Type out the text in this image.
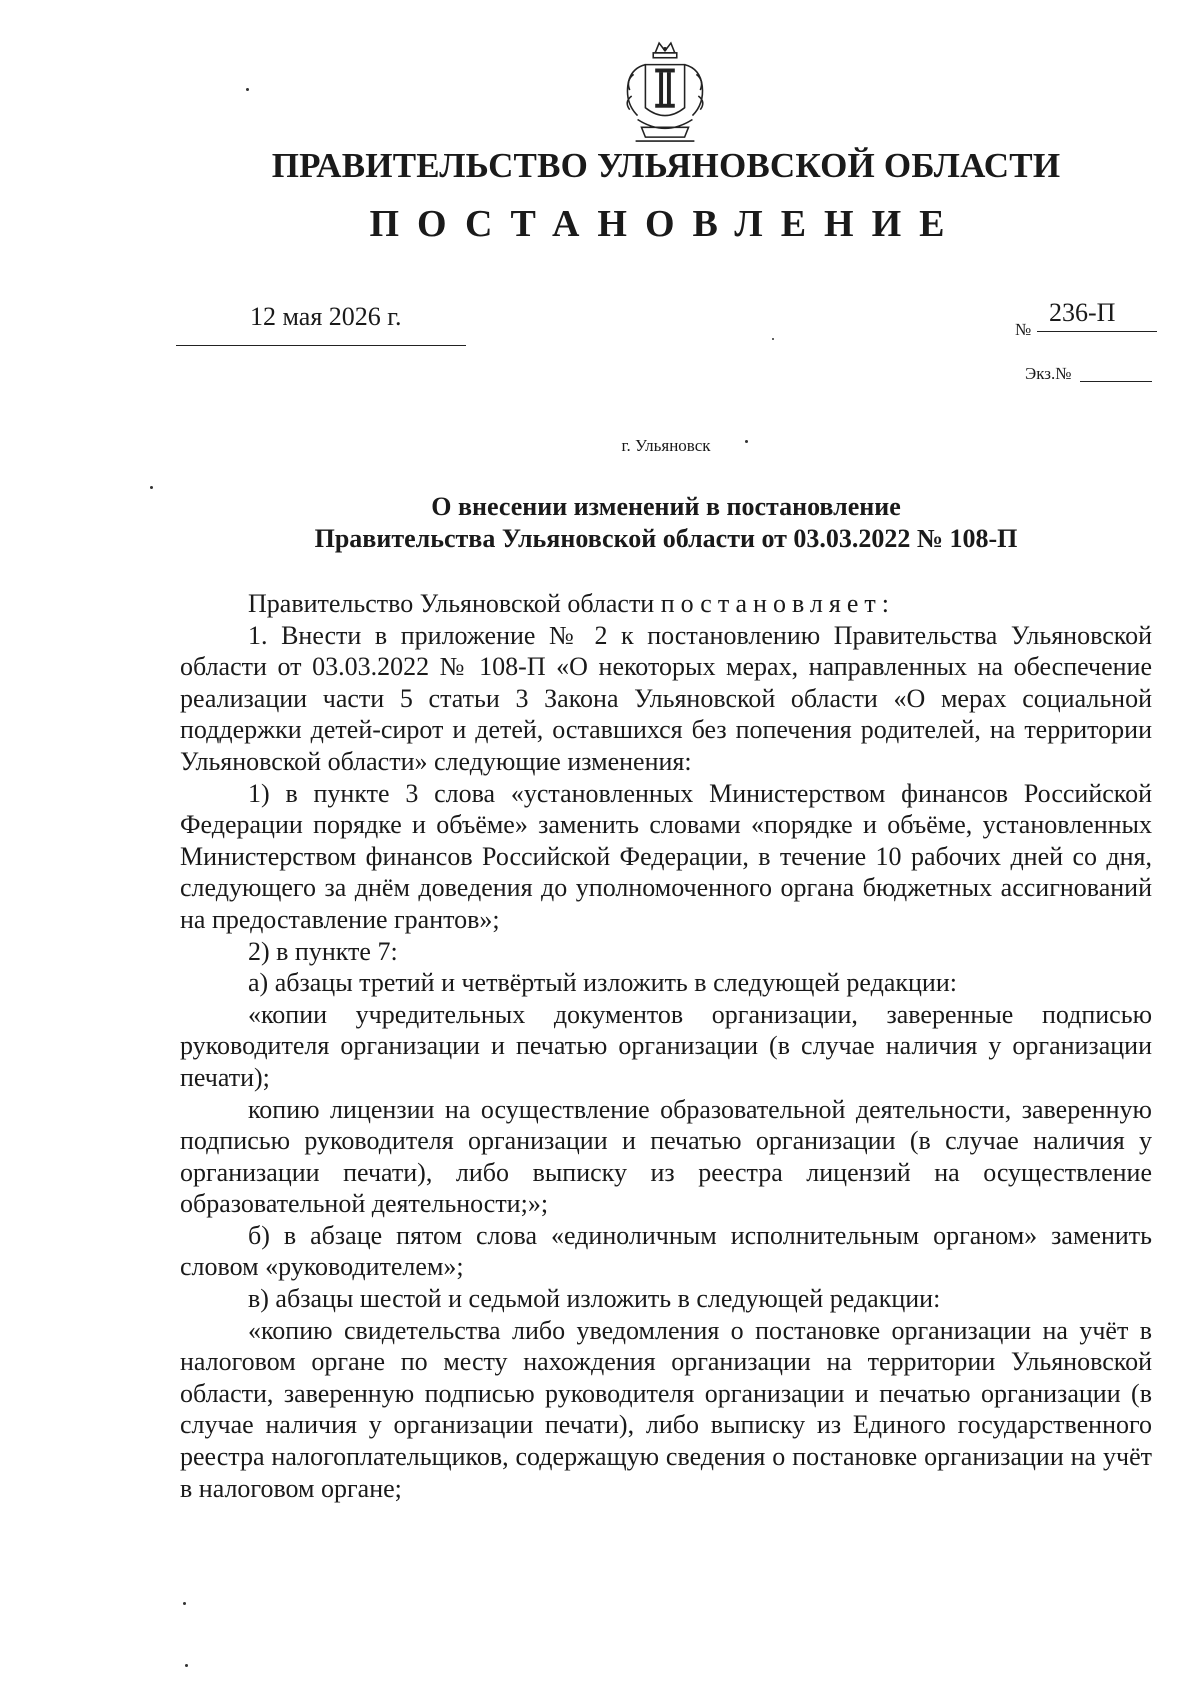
ПРАВИТЕЛЬСТВО УЛЬЯНОВСКОЙ ОБЛАСТИ
ПОСТАНОВЛЕНИЕ
12 мая 2026 г.	№
236-П
Экз.№
г. Ульяновск
О внесении изменений в постановление
Правительства Ульяновской области от 03.03.2022 № 108-П

Правительство Ульяновской области постановляет:

1. Внести в приложение № 2 к постановлению Правительства Ульяновской области от 03.03.2022 № 108-П «О некоторых мерах, направленных на обеспечение реализации части 5 статьи 3 Закона Ульяновской области «О мерах социальной поддержки детей-сирот и детей, оставшихся без попечения родителей, на территории Ульяновской области» следующие изменения:

1) в пункте 3 слова «установленных Министерством финансов Российской Федерации порядке и объёме» заменить словами «порядке и объёме, установленных Министерством финансов Российской Федерации, в течение 10 рабочих дней со дня, следующего за днём доведения до уполномоченного органа бюджетных ассигнований на предоставление грантов»;

2) в пункте 7:

а) абзацы третий и четвёртый изложить в следующей редакции:

«копии учредительных документов организации, заверенные подписью руководителя организации и печатью организации (в случае наличия у организации печати);

копию лицензии на осуществление образовательной деятельности, заверенную подписью руководителя организации и печатью организации (в случае наличия у организации печати), либо выписку из реестра лицензий на осуществление образовательной деятельности;»;

б) в абзаце пятом слова «единоличным исполнительным органом» заменить словом «руководителем»;

в) абзацы шестой и седьмой изложить в следующей редакции:

«копию свидетельства либо уведомления о постановке организации на учёт в налоговом органе по месту нахождения организации на территории Ульяновской области, заверенную подписью руководителя организации и печатью организации (в случае наличия у организации печати), либо выписку из Единого государственного реестра налогоплательщиков, содержащую сведения о постановке организации на учёт в налоговом органе;
